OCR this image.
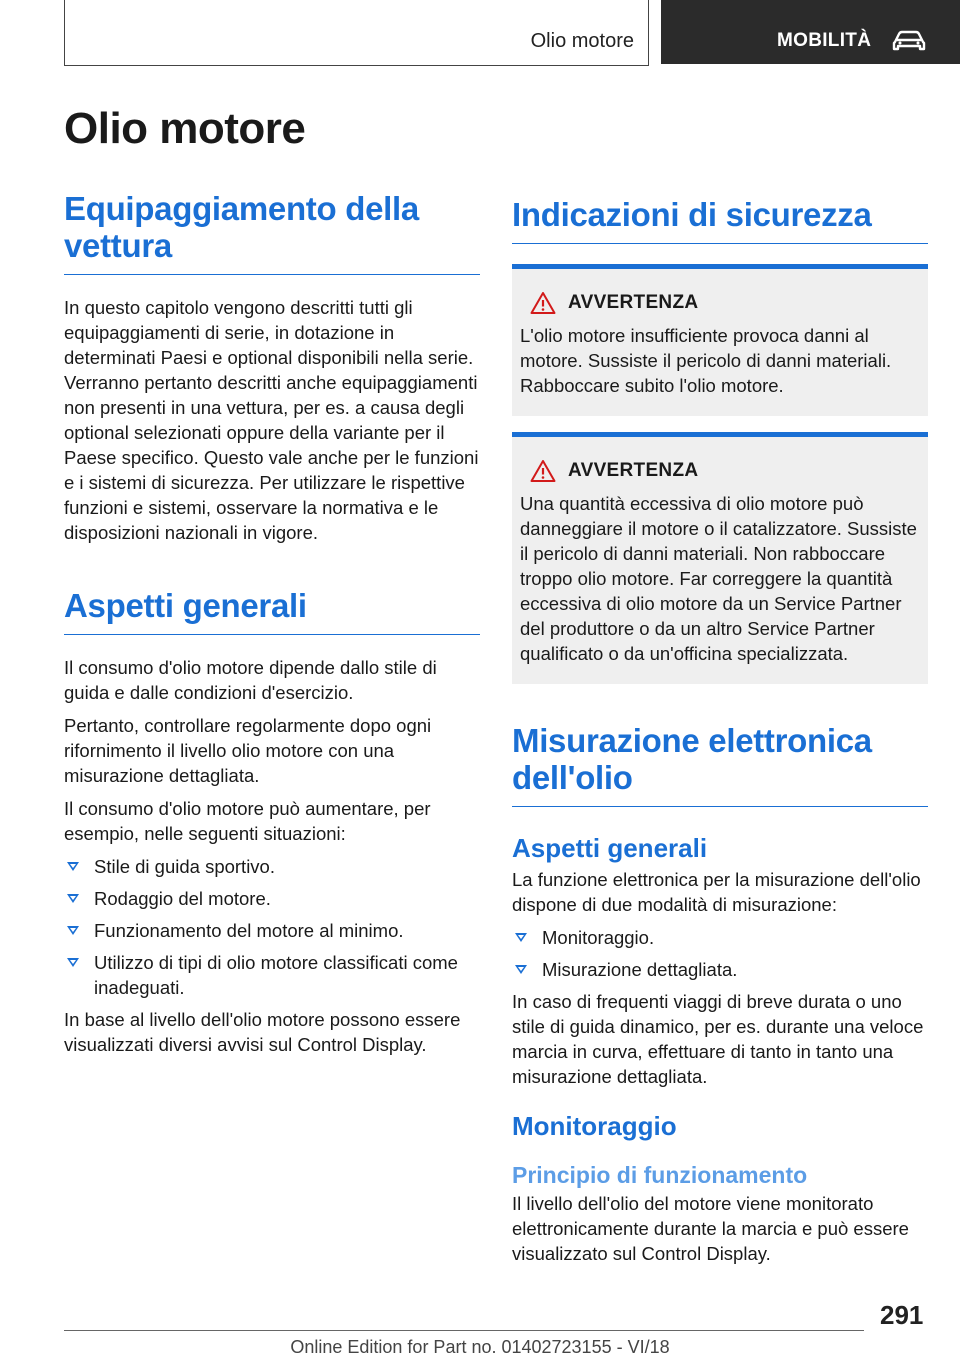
Olio motore	MOBILITÀ
Olio motore
Equipaggiamento della vettura

In questo capitolo vengono descritti tutti gli equipaggiamenti di serie, in dotazione in determinati Paesi e optional disponibili nella serie. Verranno pertanto descritti anche equipaggiamenti non presenti in una vettura, per es. a causa degli optional selezionati oppure della variante per il Paese specifico. Questo vale anche per le funzioni e i sistemi di sicurezza. Per utilizzare le rispettive funzioni e sistemi, osservare la normativa e le disposizioni nazionali in vigore.

Aspetti generali

Il consumo d'olio motore dipende dallo stile di guida e dalle condizioni d'esercizio.

Pertanto, controllare regolarmente dopo ogni rifornimento il livello olio motore con una misurazione dettagliata.

Il consumo d'olio motore può aumentare, per esempio, nelle seguenti situazioni:

Stile di guida sportivo.
Rodaggio del motore.
Funzionamento del motore al minimo.
Utilizzo di tipi di olio motore classificati come inadeguati.

In base al livello dell'olio motore possono essere visualizzati diversi avvisi sul Control Display.

Indicazioni di sicurezza
AVVERTENZA

L'olio motore insufficiente provoca danni al motore. Sussiste il pericolo di danni materiali. Rabboccare subito l'olio motore.

AVVERTENZA

Una quantità eccessiva di olio motore può danneggiare il motore o il catalizzatore. Sussiste il pericolo di danni materiali. Non rabboccare troppo olio motore. Far correggere la quantità eccessiva di olio motore da un Service Partner del produttore o da un altro Service Partner qualificato o da un'officina specializzata.

Misurazione elettronica dell'olio
Aspetti generali

La funzione elettronica per la misurazione dell'olio dispone di due modalità di misurazione:

Monitoraggio.
Misurazione dettagliata.

In caso di frequenti viaggi di breve durata o uno stile di guida dinamico, per es. durante una veloce marcia in curva, effettuare di tanto in tanto una misurazione dettagliata.

Monitoraggio
Principio di funzionamento

Il livello dell'olio del motore viene monitorato elettronicamente durante la marcia e può essere visualizzato sul Control Display.

291
Online Edition for Part no. 01402723155 - VI/18
